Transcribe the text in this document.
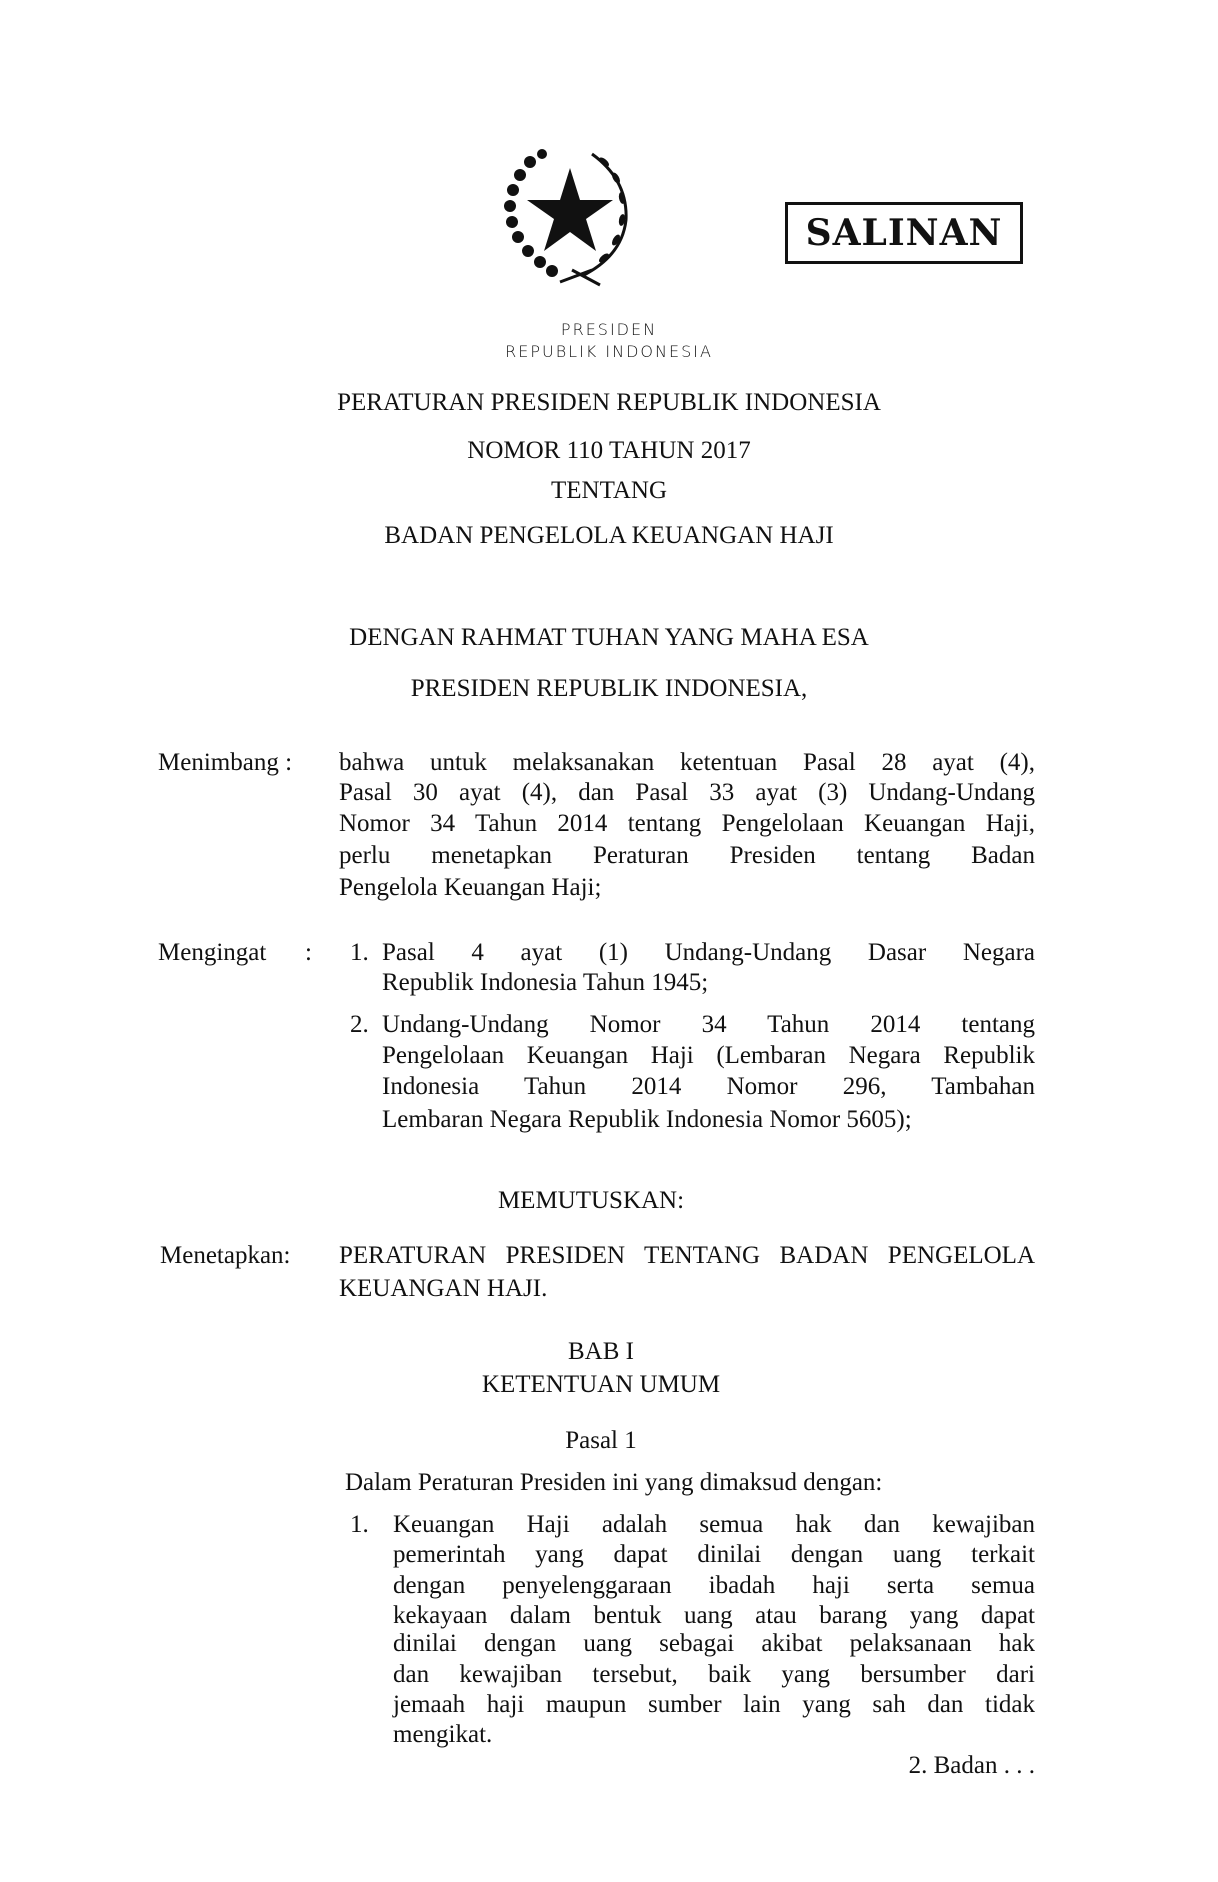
SALINAN
PRESIDEN
REPUBLIK INDONESIA
PERATURAN PRESIDEN REPUBLIK INDONESIA
NOMOR 110 TAHUN 2017
TENTANG
BADAN PENGELOLA KEUANGAN HAJI
DENGAN RAHMAT TUHAN YANG MAHA ESA
PRESIDEN REPUBLIK INDONESIA,
Menimbang : bahwa untuk melaksanakan ketentuan Pasal 28 ayat (4),
Pasal 30 ayat (4), dan Pasal 33 ayat (3) Undang-Undang
Nomor 34 Tahun 2014 tentang Pengelolaan Keuangan Haji,
perlu menetapkan Peraturan Presiden tentang Badan
Pengelola Keuangan Haji;
Mengingat : 1. Pasal 4 ayat (1) Undang-Undang Dasar Negara
Republik Indonesia Tahun 1945;
2. Undang-Undang Nomor 34 Tahun 2014 tentang
Pengelolaan Keuangan Haji (Lembaran Negara Republik
Indonesia Tahun 2014 Nomor 296, Tambahan
Lembaran Negara Republik Indonesia Nomor 5605);
MEMUTUSKAN:
Menetapkan: PERATURAN PRESIDEN TENTANG BADAN PENGELOLA
KEUANGAN HAJI.
BAB I
KETENTUAN UMUM
Pasal 1
Dalam Peraturan Presiden ini yang dimaksud dengan:
1. Keuangan Haji adalah semua hak dan kewajiban
pemerintah yang dapat dinilai dengan uang terkait
dengan penyelenggaraan ibadah haji serta semua
kekayaan dalam bentuk uang atau barang yang dapat
dinilai dengan uang sebagai akibat pelaksanaan hak
dan kewajiban tersebut, baik yang bersumber dari
jemaah haji maupun sumber lain yang sah dan tidak
mengikat.
2. Badan . . .
